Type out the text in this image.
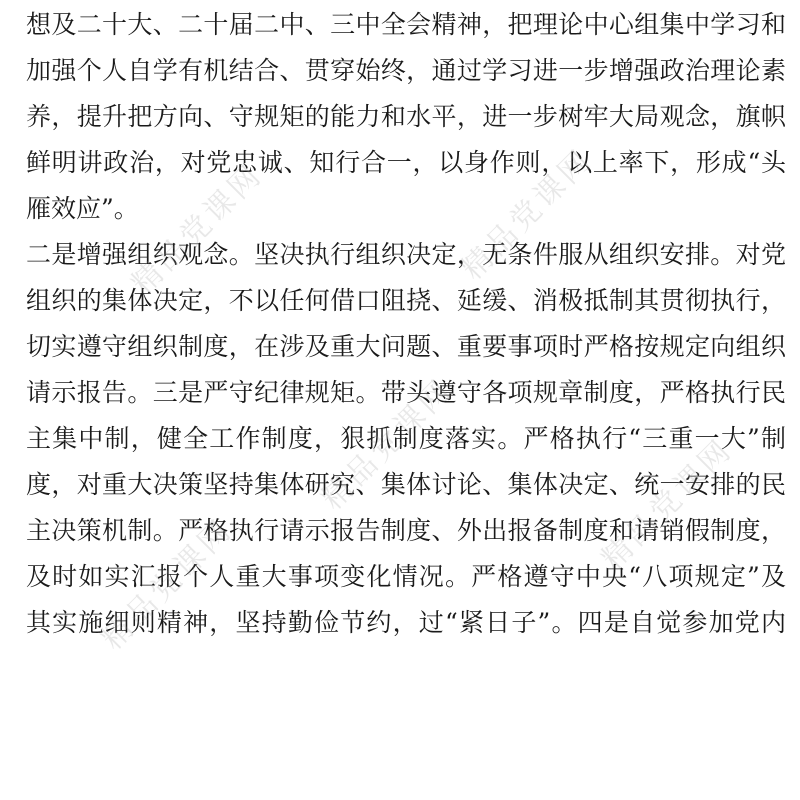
想及二十大、二十届二中、三中全会精神，把理论中心组集中学习和
加强个人自学有机结合、贯穿始终，通过学习进一步增强政治理论素
养，提升把方向、守规矩的能力和水平，进一步树牢大局观念，旗帜
鲜明讲政治，对党忠诚、知行合一，以身作则，以上率下，形成“头
雁效应”。
二是增强组织观念。坚决执行组织决定，无条件服从组织安排。对党
组织的集体决定，不以任何借口阻挠、延缓、消极抵制其贯彻执行，
切实遵守组织制度，在涉及重大问题、重要事项时严格按规定向组织
请示报告。三是严守纪律规矩。带头遵守各项规章制度，严格执行民
主集中制，健全工作制度，狠抓制度落实。严格执行“三重一大”制
度，对重大决策坚持集体研究、集体讨论、集体决定、统一安排的民
主决策机制。严格执行请示报告制度、外出报备制度和请销假制度，
及时如实汇报个人重大事项变化情况。严格遵守中央“八项规定”及
其实施细则精神，坚持勤俭节约，过“紧日子”。四是自觉参加党内
精品党课网	精品党课网
精品党课网	精品党课网
精品党课网
